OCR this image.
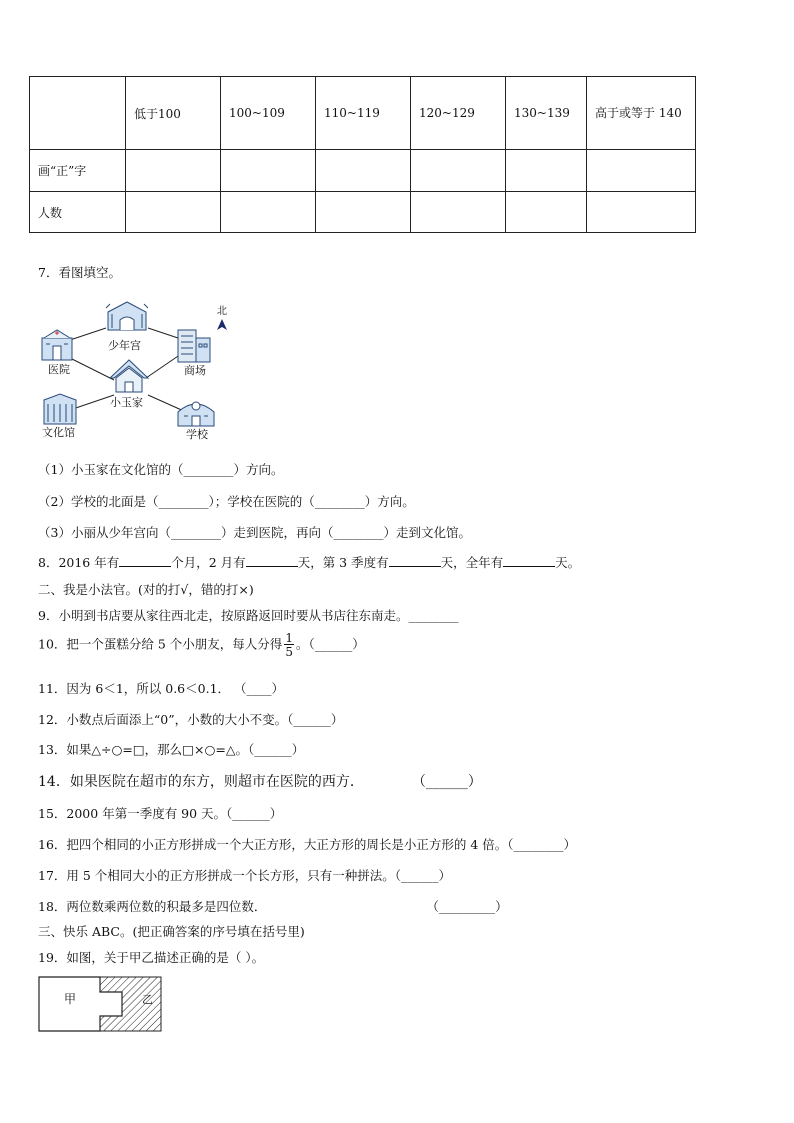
	低于100	100~109	110~119	120~129	130~139	高于或等于 140
画“正”字						
人数						
7．看图填空。
北
少年宫
医院	商场
小玉家
文化馆	学校
（1）小玉家在文化馆的（________）方向。
（2）学校的北面是（________）；学校在医院的（________）方向。
（3）小丽从少年宫向（________）走到医院，再向（________）走到文化馆。
8．2016 年有	个月，2 月有	天，第 3 季度有	天，全年有	天。
二、我是小法官。(对的打√，错的打×)
9．小明到书店要从家往西北走，按原路返回时要从书店往东南走。________
10．把一个蛋糕分给 5 个小朋友，每人分得 $\frac{1}{5}$ 。（______）
11．因为 6＜1，所以 0.6＜0.1． （____）
12．小数点后面添上“0”，小数的大小不变。（______）
13．如果△÷○=□，那么□×○=△。（______）
14．如果医院在超市的东方，则超市在医院的西方．	（______）
15．2000 年第一季度有 90 天。（______）
16．把四个相同的小正方形拼成一个大正方形，大正方形的周长是小正方形的 4 倍。（________）
17．用 5 个相同大小的正方形拼成一个长方形，只有一种拼法。（______）
18．两位数乘两位数的积最多是四位数．	（_________）
三、快乐 ABC。(把正确答案的序号填在括号里)
19．如图，关于甲乙描述正确的是（ ）。
甲	乙
